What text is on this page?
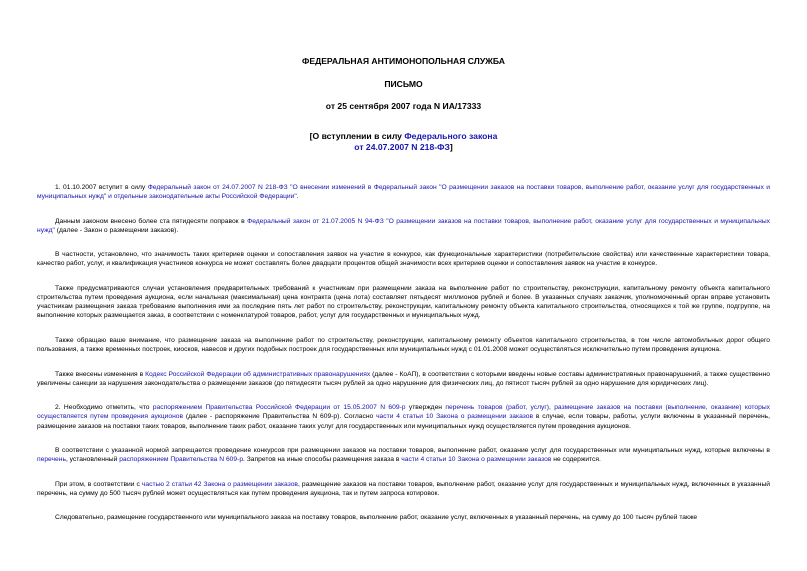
ФЕДЕРАЛЬНАЯ АНТИМОНОПОЛЬНАЯ СЛУЖБА
ПИСЬМО
от 25 сентября 2007 года N ИА/17333
[О вступлении в силу Федерального закона
от 24.07.2007 N 218-ФЗ]

1. 01.10.2007 вступит в силу Федеральный закон от 24.07.2007 N 218-ФЗ "О внесении изменений в Федеральный закон "О размещении заказов на поставки товаров, выполнение работ, оказание услуг для государственных и муниципальных нужд" и отдельные законодательные акты Российской Федерации".

Данным законом внесено более ста пятидесяти поправок в Федеральный закон от 21.07.2005 N 94-ФЗ "О размещении заказов на поставки товаров, выполнение работ, оказание услуг для государственных и муниципальных нужд" (далее - Закон о размещении заказов).

В частности, установлено, что значимость таких критериев оценки и сопоставления заявок на участие в конкурсе, как функциональные характеристики (потребительские свойства) или качественные характеристики товара, качество работ, услуг, и квалификация участников конкурса не может составлять более двадцати процентов общей значимости всех критериев оценки и сопоставления заявок на участие в конкурсе.

Также предусматриваются случаи установления предварительных требований к участникам при размещении заказа на выполнение работ по строительству, реконструкции, капитальному ремонту объекта капитального строительства путем проведения аукциона, если начальная (максимальная) цена контракта (цена лота) составляет пятьдесят миллионов рублей и более. В указанных случаях заказчик, уполномоченный орган вправе установить участникам размещения заказа требование выполнения ими за последние пять лет работ по строительству, реконструкции, капитальному ремонту объекта капитального строительства, относящихся к той же группе, подгруппе, на выполнение которых размещается заказ, в соответствии с номенклатурой товаров, работ, услуг для государственных и муниципальных нужд.

Также обращаю ваше внимание, что размещение заказа на выполнение работ по строительству, реконструкции, капитальному ремонту объектов капитального строительства, в том числе автомобильных дорог общего пользования, а также временных построек, киосков, навесов и других подобных построек для государственных или муниципальных нужд с 01.01.2008 может осуществляться исключительно путем проведения аукциона.

Также внесены изменения в Кодекс Российской Федерации об административных правонарушениях (далее - КоАП), в соответствии с которыми введены новые составы административных правонарушений, а также существенно увеличены санкции за нарушения законодательства о размещении заказов (до пятидесяти тысяч рублей за одно нарушение для физических лиц, до пятисот тысяч рублей за одно нарушение для юридических лиц).

2. Необходимо отметить, что распоряжением Правительства Российской Федерации от 15.05.2007 N 609-р утвержден перечень товаров (работ, услуг), размещение заказов на поставки (выполнение, оказание) которых осуществляется путем проведения аукционов (далее - распоряжение Правительства N 609-р). Согласно части 4 статьи 10 Закона о размещении заказов в случае, если товары, работы, услуги включены в указанный перечень, размещение заказов на поставки таких товаров, выполнение таких работ, оказание таких услуг для государственных или муниципальных нужд осуществляется путем проведения аукционов.

В соответствии с указанной нормой запрещается проведение конкурсов при размещении заказов на поставки товаров, выполнение работ, оказание услуг для государственных или муниципальных нужд, которые включены в перечень, установленный распоряжением Правительства N 609-р. Запретов на иные способы размещения заказа в части 4 статьи 10 Закона о размещении заказов не содержится.

При этом, в соответствии с частью 2 статьи 42 Закона о размещении заказов, размещение заказов на поставки товаров, выполнение работ, оказание услуг для государственных и муниципальных нужд, включенных в указанный перечень, на сумму до 500 тысяч рублей может осуществляться как путем проведения аукциона, так и путем запроса котировок.

Следовательно, размещение государственного или муниципального заказа на поставку товаров, выполнение работ, оказание услуг, включенных в указанный перечень, на сумму до 100 тысяч рублей также
